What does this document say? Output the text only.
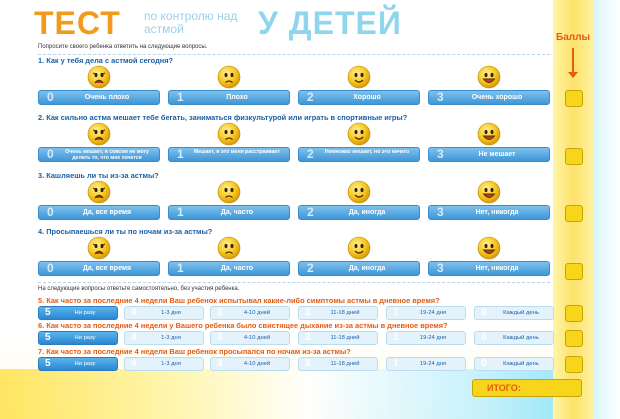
ТЕСТ по контролю над астмой	У ДЕТЕЙ	Баллы
Попросите своего ребенка ответить на следующие вопросы.
1. Как у тебя дела с астмой сегодня?
0	Очень плохо	1	Плохо	2	Хорошо	3	Очень хорошо
2. Как сильно астма мешает тебе бегать, заниматься физкультурой или играть в спортивные игры?
0	Очень мешает, я совсем не могу делать то, что мне хочется	1	Мешает, и это меня расстраивает	2	Немножко мешает, но это ничего	3	Не мешает
3. Кашляешь ли ты из-за астмы?
0	Да, все время	1	Да, часто	2	Да, иногда	3	Нет, никогда
4. Просыпаешься ли ты по ночам из-за астмы?
0	Да, все время	1	Да, часто	2	Да, иногда	3	Нет, никогда
На следующие вопросы ответьте самостоятельно, без участия ребенка.
5. Как часто за последние 4 недели Ваш ребенок испытывал какие-либо симптомы астмы в дневное время?
5	Ни разу	4	1-3 дня	3	4-10 дней	2	11-18 дней	1	19-24 дня	0	Каждый день
6. Как часто за последние 4 недели у Вашего ребенка было свистящее дыхание из-за астмы в дневное время?
5	Ни разу	4	1-3 дня	3	4-10 дней	2	11-18 дней	1	19-24 дня	0	Каждый день
7. Как часто за последние 4 недели Ваш ребенок просыпался по ночам из-за астмы?
5	Ни разу	4	1-3 дня	3	4-10 дней	2	11-18 дней	1	19-24 дня	0	Каждый день
ИТОГО:
